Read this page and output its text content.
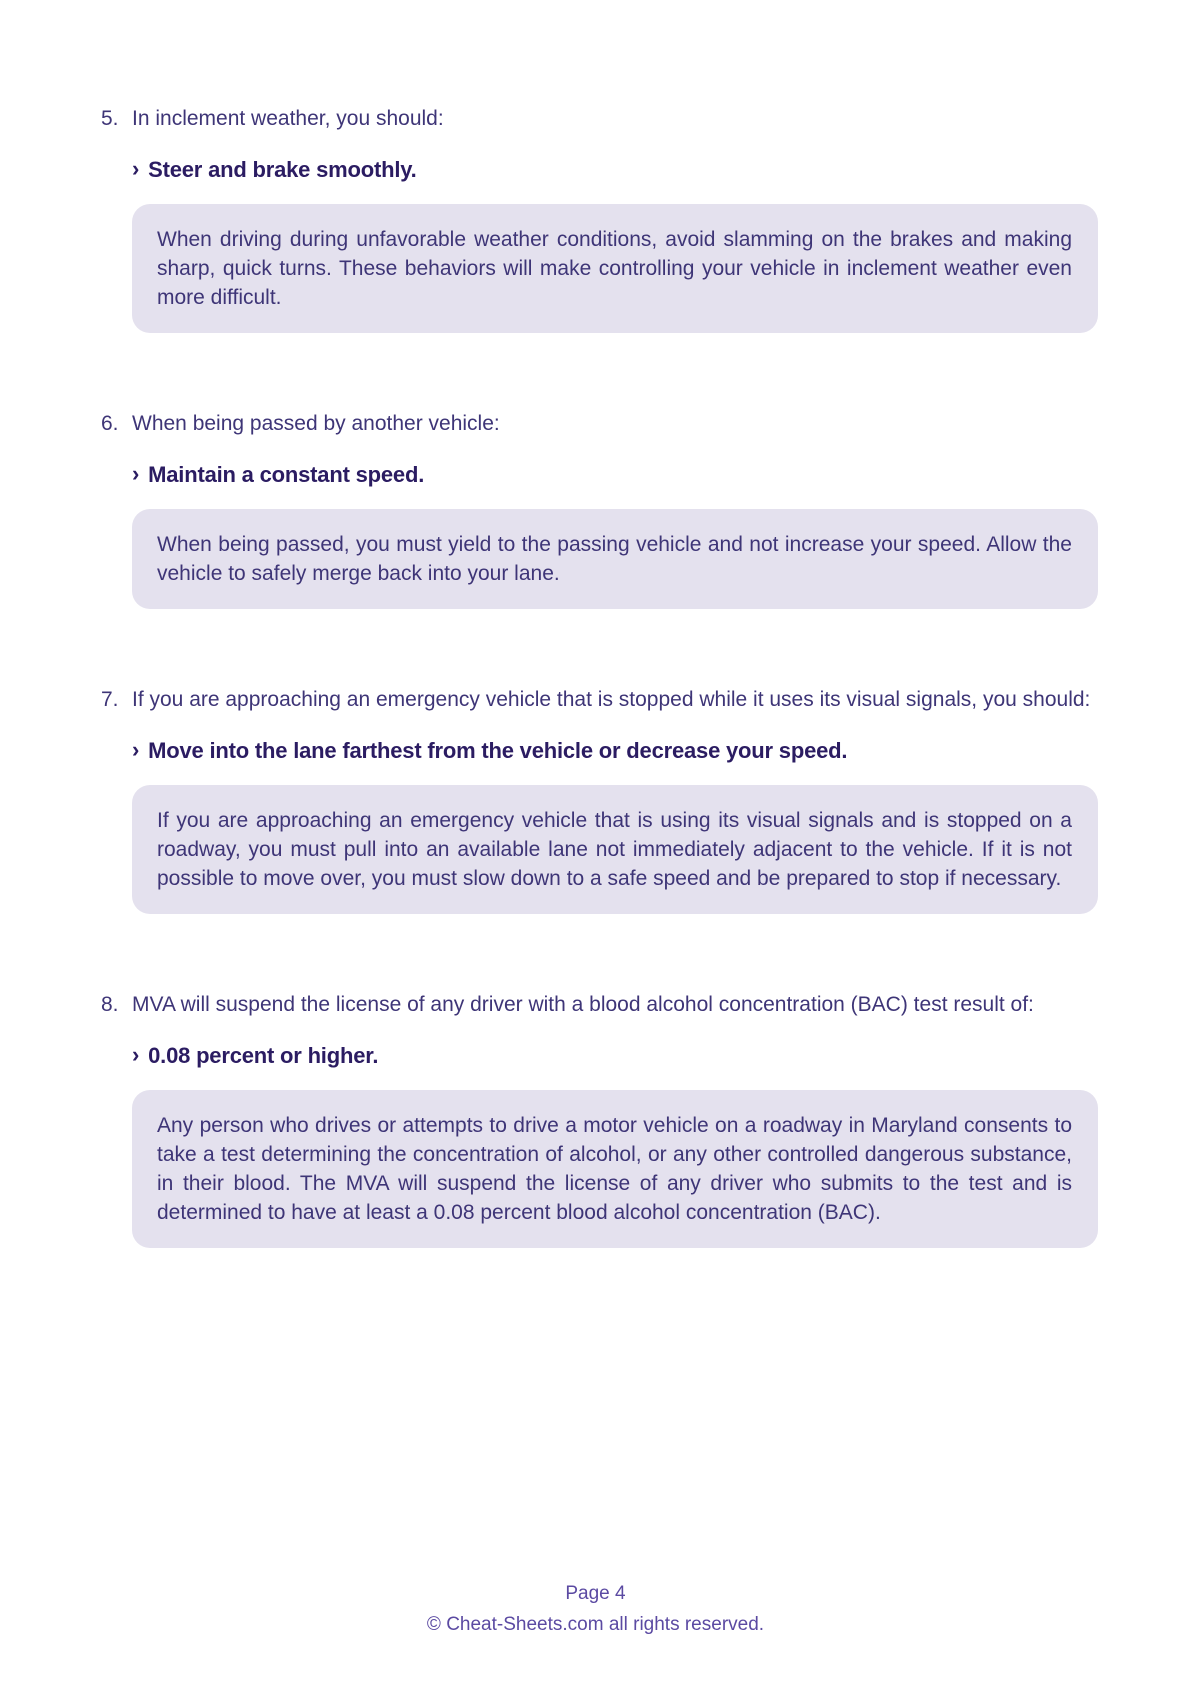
5. In inclement weather, you should:
› Steer and brake smoothly.
When driving during unfavorable weather conditions, avoid slamming on the brakes and making sharp, quick turns. These behaviors will make controlling your vehicle in inclement weather even more difficult.
6. When being passed by another vehicle:
› Maintain a constant speed.
When being passed, you must yield to the passing vehicle and not increase your speed. Allow the vehicle to safely merge back into your lane.
7. If you are approaching an emergency vehicle that is stopped while it uses its visual signals, you should:
› Move into the lane farthest from the vehicle or decrease your speed.
If you are approaching an emergency vehicle that is using its visual signals and is stopped on a roadway, you must pull into an available lane not immediately adjacent to the vehicle. If it is not possible to move over, you must slow down to a safe speed and be prepared to stop if necessary.
8. MVA will suspend the license of any driver with a blood alcohol concentration (BAC) test result of:
› 0.08 percent or higher.
Any person who drives or attempts to drive a motor vehicle on a roadway in Maryland consents to take a test determining the concentration of alcohol, or any other controlled dangerous substance, in their blood. The MVA will suspend the license of any driver who submits to the test and is determined to have at least a 0.08 percent blood alcohol concentration (BAC).
Page 4
© Cheat-Sheets.com all rights reserved.
